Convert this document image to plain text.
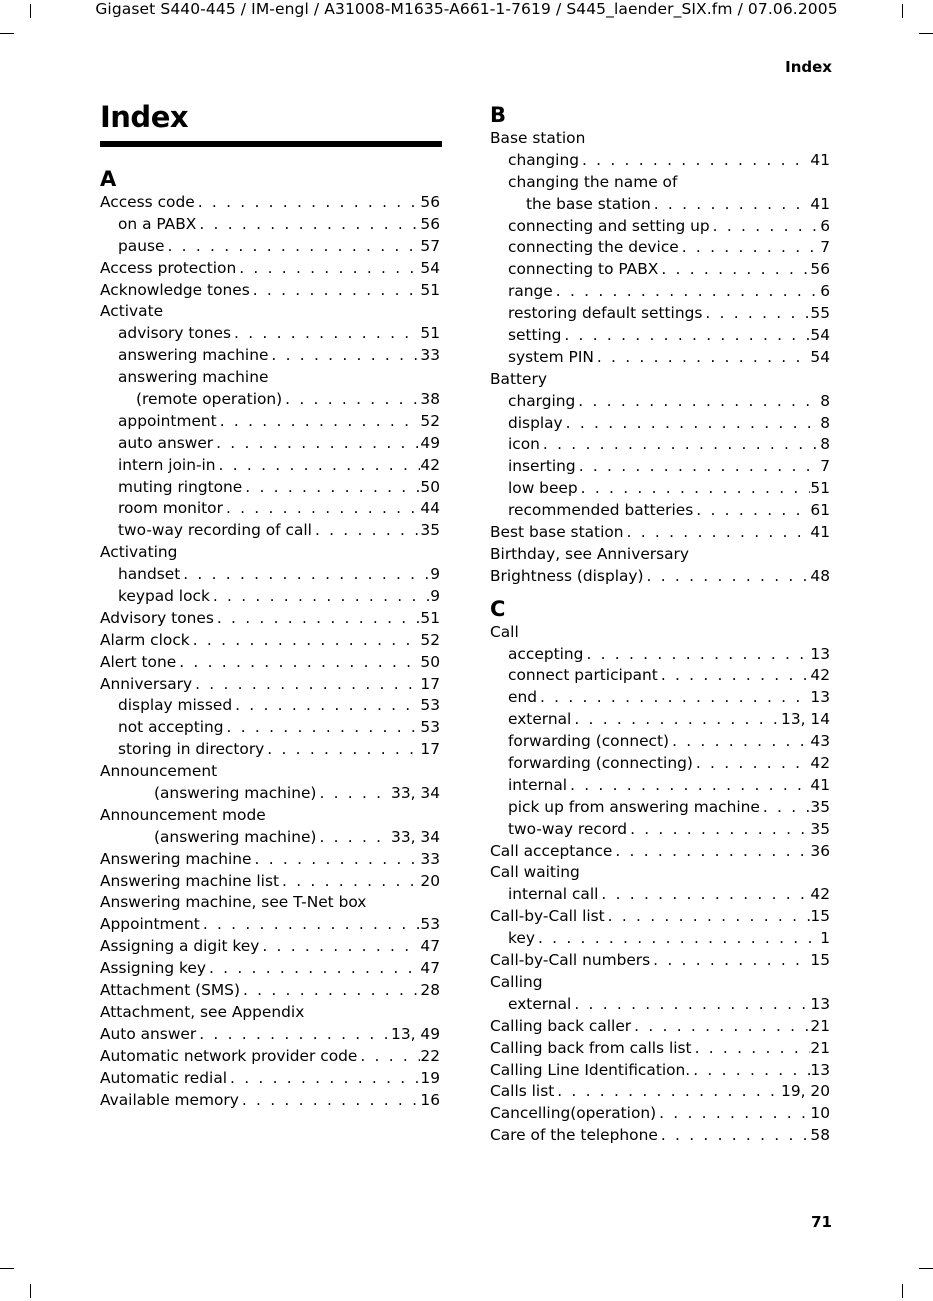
Gigaset S440-445 / IM-engl / A31008-M1635-A661-1-7619 / S445_laender_SIX.fm / 07.06.2005
Index
Index
A
Access code . . .	56
on a PABX . . .	56
pause . . .	57
Access protection . . .	54
Acknowledge tones . . .	51
Activate
advisory tones . . .	51
answering machine . . .	33
answering machine
(remote operation) . . .	38
appointment . . .	52
auto answer . . .	49
intern join-in . . .	42
muting ringtone . . .	50
room monitor . . .	44
two-way recording of call . . .	35
Activating
handset . . .	9
keypad lock . . .	9
Advisory tones . . .	51
Alarm clock . . .	52
Alert tone . . .	50
Anniversary . . .	17
display missed . . .	53
not accepting . . .	53
storing in directory . . .	17
Announcement
(answering machine) . . .	33, 34
Announcement mode
(answering machine) . . .	33, 34
Answering machine . . .	33
Answering machine list . . .	20
Answering machine, see T-Net box
Appointment . . .	53
Assigning a digit key . . .	47
Assigning key . . .	47
Attachment (SMS) . . .	28
Attachment, see Appendix
Auto answer . . .	13, 49
Automatic network provider code . . .	22
Automatic redial . . .	19
Available memory . . .	16
B
Base station
changing . . .	41
changing the name of
the base station . . .	41
connecting and setting up . . .	6
connecting the device . . .	7
connecting to PABX . . .	56
range . . .	6
restoring default settings . . .	55
setting . . .	54
system PIN . . .	54
Battery
charging . . .	8
display . . .	8
icon . . .	8
inserting . . .	7
low beep . . .	51
recommended batteries . . .	61
Best base station . . .	41
Birthday, see Anniversary
Brightness (display) . . .	48
C
Call
accepting . . .	13
connect participant . . .	42
end . . .	13
external . . .	13, 14
forwarding (connect) . . .	43
forwarding (connecting) . . .	42
internal . . .	41
pick up from answering machine . . .	35
two-way record . . .	35
Call acceptance . . .	36
Call waiting
internal call . . .	42
Call-by-Call list . . .	15
key . . .	1
Call-by-Call numbers . . .	15
Calling
external . . .	13
Calling back caller . . .	21
Calling back from calls list . . .	21
Calling Line Identification. . . .	13
Calls list . . .	19, 20
Cancelling(operation) . . .	10
Care of the telephone . . .	58
71
